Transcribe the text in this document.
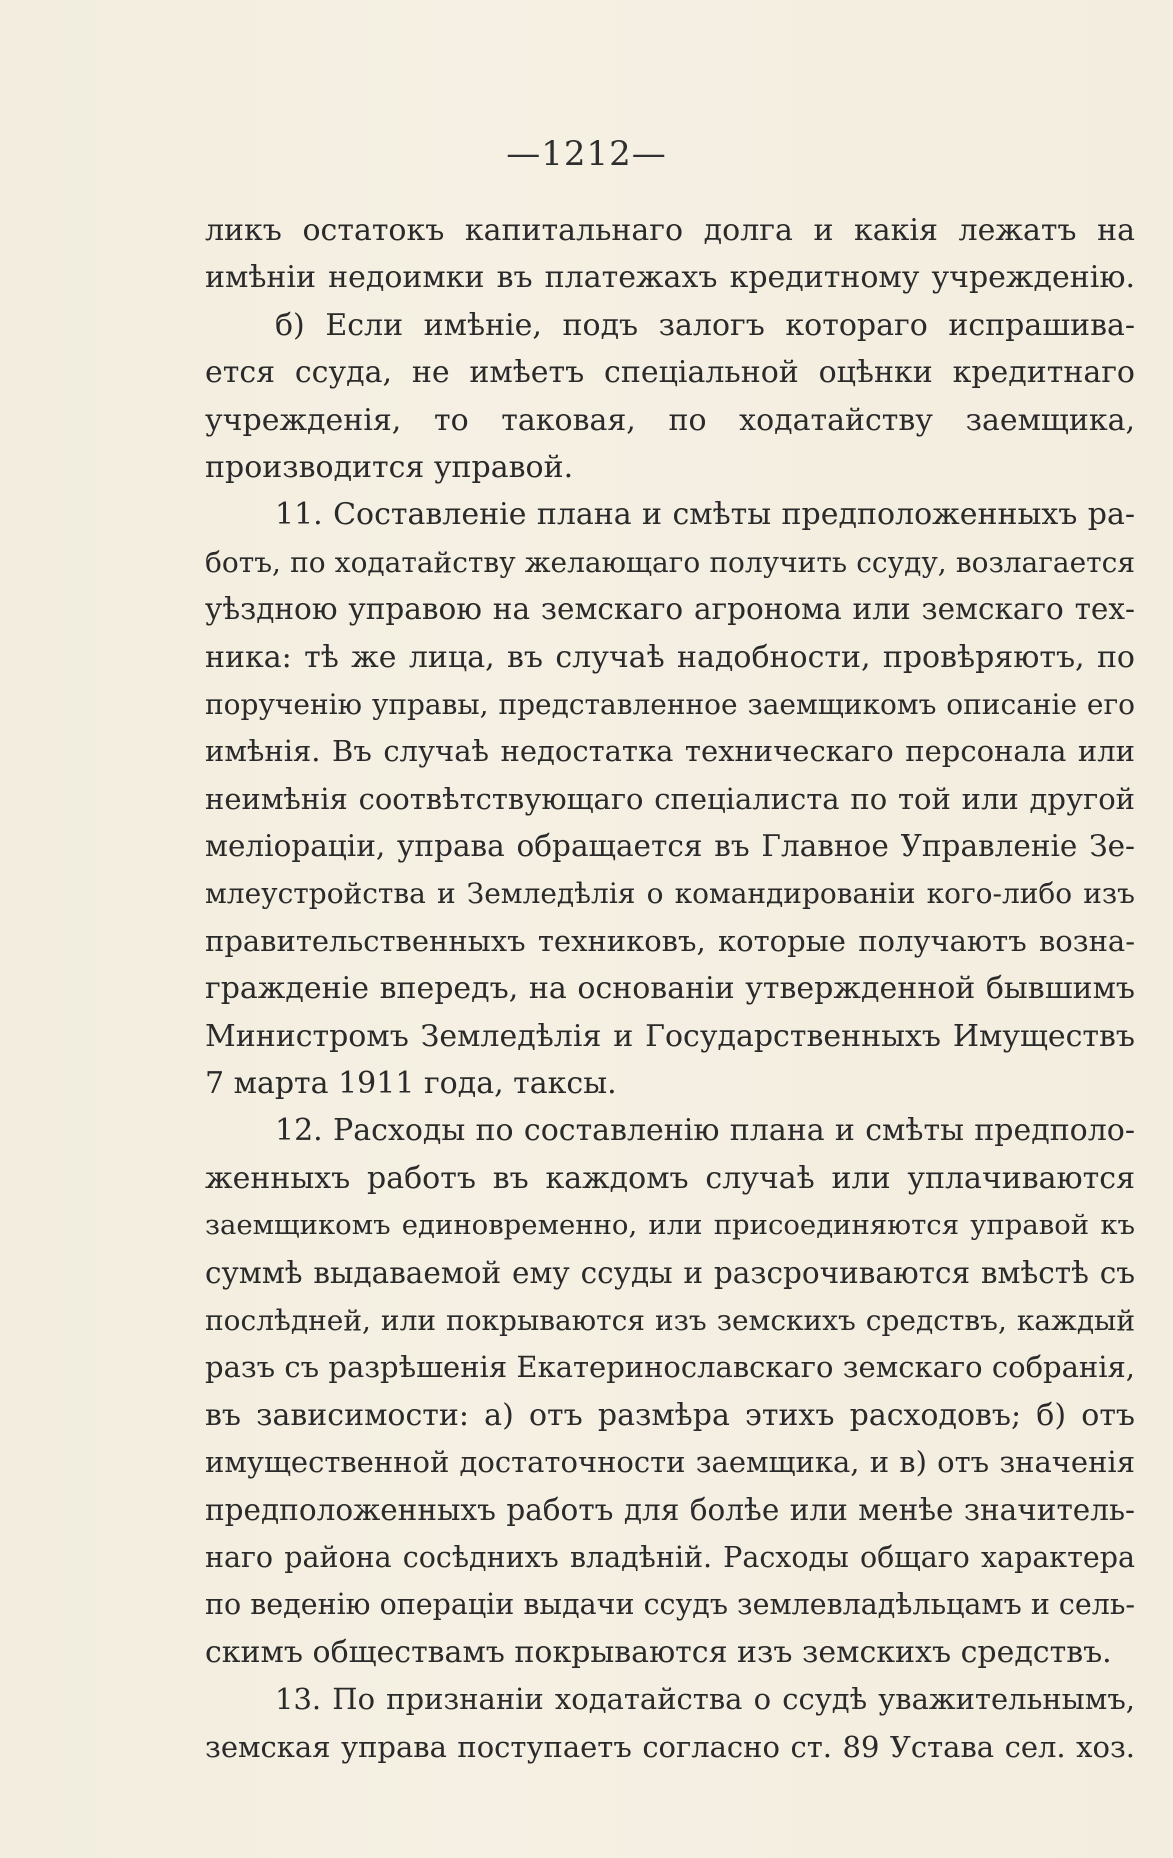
—1212—
ликъ остатокъ капитальнаго долга и какія лежатъ на
имѣніи недоимки въ платежахъ кредитному учрежденію.
б) Если имѣніе, подъ залогъ котораго испрашива-
ется ссуда, не имѣетъ спеціальной оцѣнки кредитнаго
учрежденія, то таковая, по ходатайству заемщика,
производится управой.
11. Составленіе плана и смѣты предположенныхъ ра-
ботъ, по ходатайству желающаго получить ссуду, возлагается
уѣздною управою на земскаго агронома или земскаго тех-
ника: тѣ же лица, въ случаѣ надобности, провѣряютъ, по
порученію управы, представленное заемщикомъ описаніе его
имѣнія. Въ случаѣ недостатка техническаго персонала или
неимѣнія соотвѣтствующаго спеціалиста по той или другой
меліораціи, управа обращается въ Главное Управленіе Зе-
млеустройства и Земледѣлія о командированіи кого-либо изъ
правительственныхъ техниковъ, которые получаютъ возна-
гражденіе впередъ, на основаніи утвержденной бывшимъ
Министромъ Земледѣлія и Государственныхъ Имуществъ
7 марта 1911 года, таксы.
12. Расходы по составленію плана и смѣты предполо-
женныхъ работъ въ каждомъ случаѣ или уплачиваются
заемщикомъ единовременно, или присоединяются управой къ
суммѣ выдаваемой ему ссуды и разсрочиваются вмѣстѣ съ
послѣдней, или покрываются изъ земскихъ средствъ, каждый
разъ съ разрѣшенія Екатеринославскаго земскаго собранія,
въ зависимости: а) отъ размѣра этихъ расходовъ; б) отъ
имущественной достаточности заемщика, и в) отъ значенія
предположенныхъ работъ для болѣе или менѣе значитель-
наго района сосѣднихъ владѣній. Расходы общаго характера
по веденію операціи выдачи ссудъ землевладѣльцамъ и сель-
скимъ обществамъ покрываются изъ земскихъ средствъ.
13. По признаніи ходатайства о ссудѣ уважительнымъ,
земская управа поступаетъ согласно ст. 89 Устава сел. хоз.
